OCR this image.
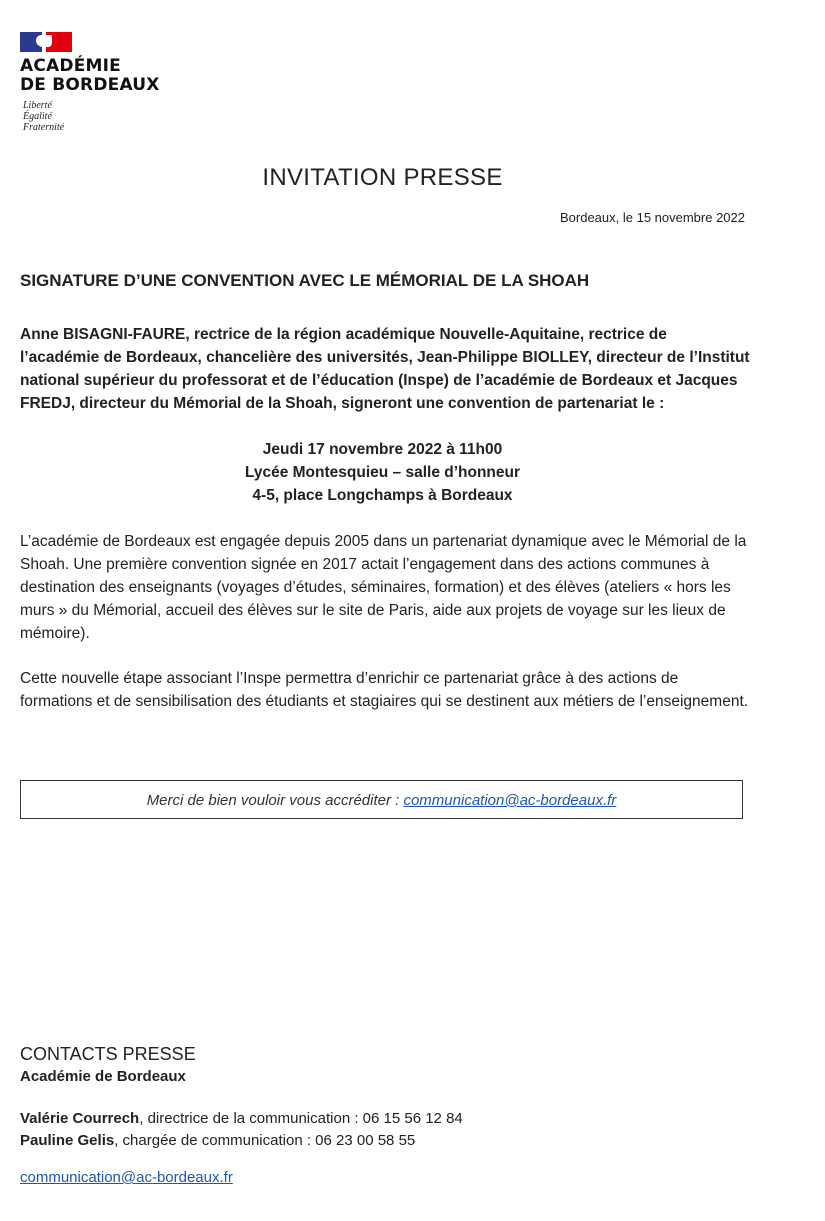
ACADÉMIE
DE BORDEAUX
Liberté
Égalité
Fraternité
INVITATION PRESSE
Bordeaux, le 15 novembre 2022
SIGNATURE D’UNE CONVENTION AVEC LE MÉMORIAL DE LA SHOAH
Anne BISAGNI-FAURE, rectrice de la région académique Nouvelle-Aquitaine, rectrice de l’académie de Bordeaux, chancelière des universités, Jean-Philippe BIOLLEY, directeur de l’Institut national supérieur du professorat et de l’éducation (Inspe) de l’académie de Bordeaux et Jacques FREDJ, directeur du Mémorial de la Shoah, signeront une convention de partenariat le :
Jeudi 17 novembre 2022 à 11h00
Lycée Montesquieu – salle d’honneur
4-5, place Longchamps à Bordeaux
L’académie de Bordeaux est engagée depuis 2005 dans un partenariat dynamique avec le Mémorial de la Shoah. Une première convention signée en 2017 actait l’engagement dans des actions communes à destination des enseignants (voyages d’études, séminaires, formation) et des élèves (ateliers « hors les murs » du Mémorial, accueil des élèves sur le site de Paris, aide aux projets de voyage sur les lieux de mémoire).
Cette nouvelle étape associant l’Inspe permettra d’enrichir ce partenariat grâce à des actions de formations et de sensibilisation des étudiants et stagiaires qui se destinent aux métiers de l’enseignement.
Merci de bien vouloir vous accréditer : communication@ac-bordeaux.fr
CONTACTS PRESSE
Académie de Bordeaux
Valérie Courrech, directrice de la communication : 06 15 56 12 84
Pauline Gelis, chargée de communication : 06 23 00 58 55
communication@ac-bordeaux.fr
